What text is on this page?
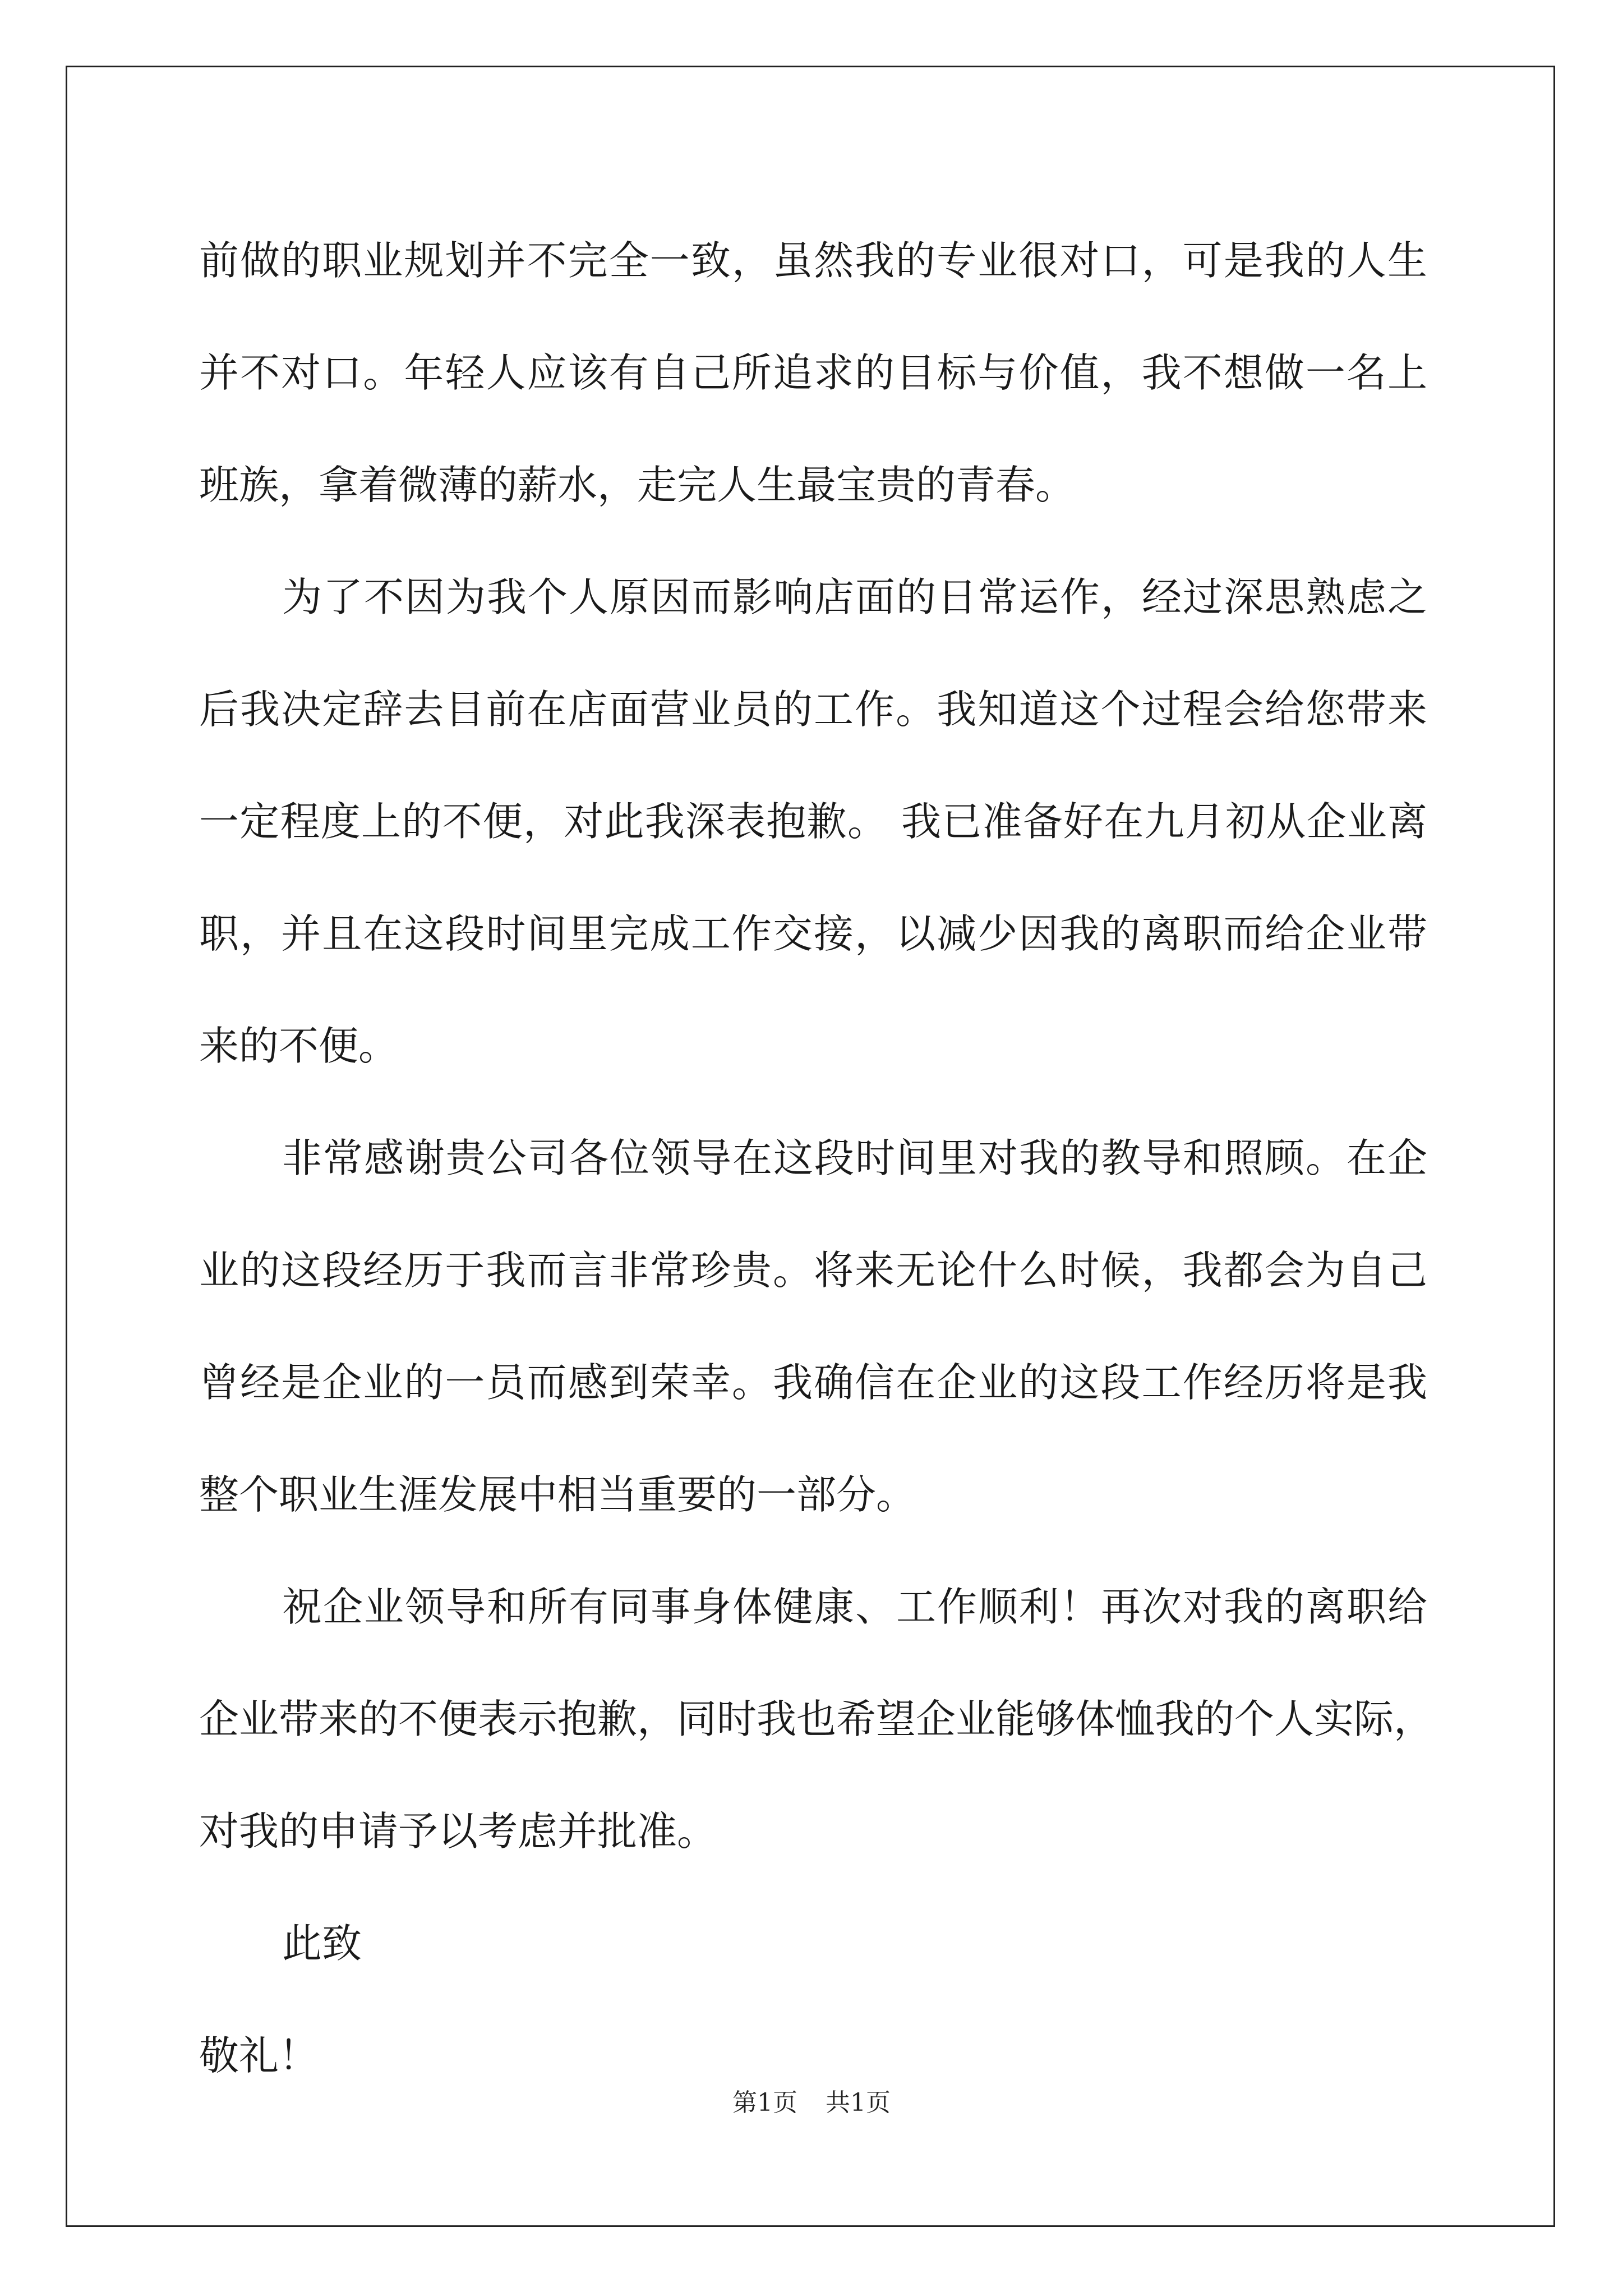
前做的职业规划并不完全一致，虽然我的专业很对口，可是我的人生
并不对口。年轻人应该有自己所追求的目标与价值，我不想做一名上
班族，拿着微薄的薪水，走完人生最宝贵的青春。
为了不因为我个人原因而影响店面的日常运作，经过深思熟虑之
后我决定辞去目前在店面营业员的工作。我知道这个过程会给您带来
一定程度上的不便，对此我深表抱歉。 我已准备好在九月初从企业离
职，并且在这段时间里完成工作交接，以减少因我的离职而给企业带
来的不便。
非常感谢贵公司各位领导在这段时间里对我的教导和照顾。在企
业的这段经历于我而言非常珍贵。将来无论什么时候，我都会为自己
曾经是企业的一员而感到荣幸。我确信在企业的这段工作经历将是我
整个职业生涯发展中相当重要的一部分。
祝企业领导和所有同事身体健康、工作顺利！再次对我的离职给
企业带来的不便表示抱歉，同时我也希望企业能够体恤我的个人实际，
对我的申请予以考虑并批准。
此致
敬礼！
第1页 共1页
